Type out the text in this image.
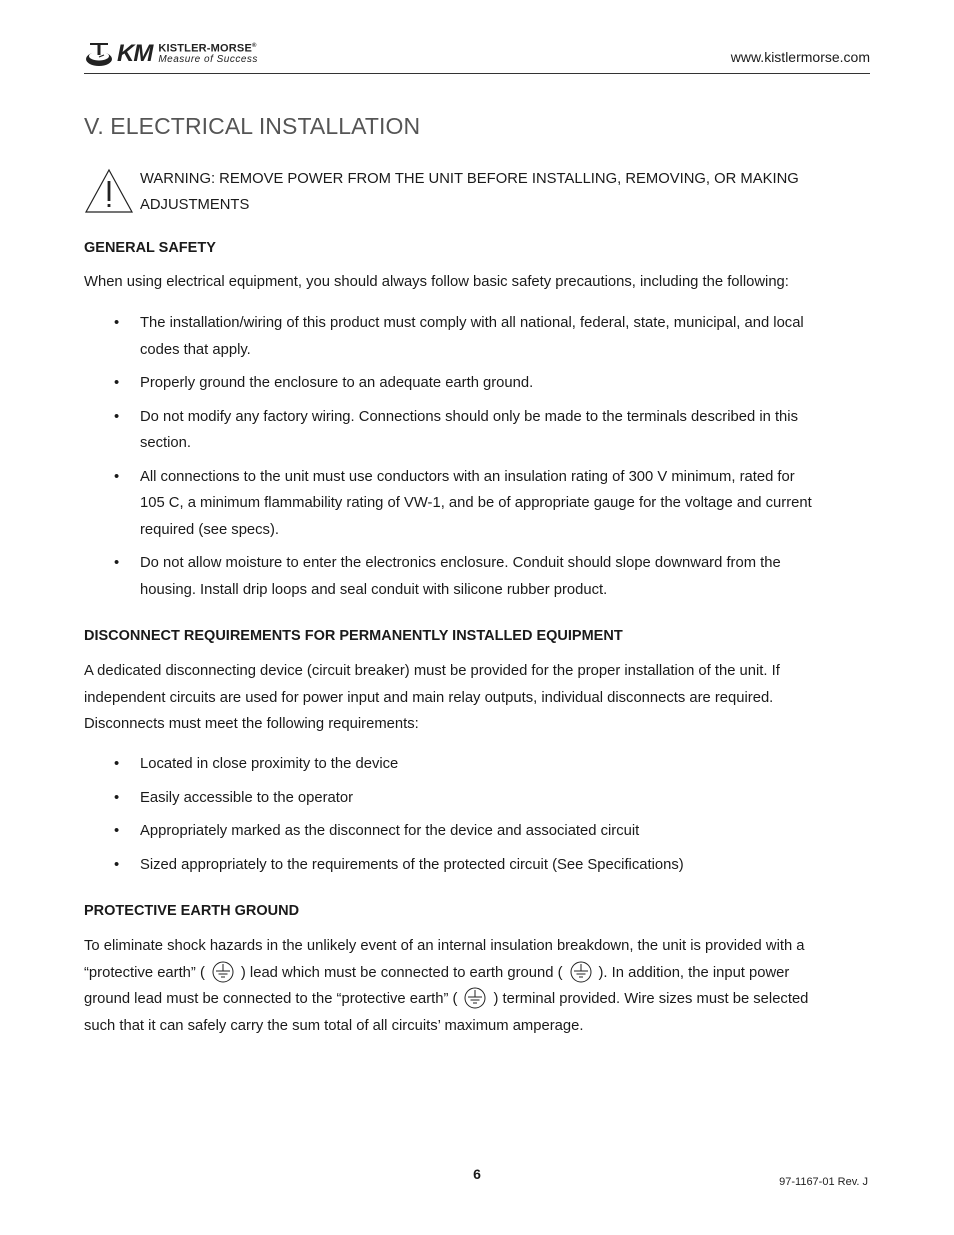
KM KISTLER-MORSE®
Measure of Success	www.kistlermorse.com
V. ELECTRICAL INSTALLATION
WARNING: REMOVE POWER FROM THE UNIT BEFORE INSTALLING, REMOVING, OR MAKING
ADJUSTMENTS

GENERAL SAFETY

When using electrical equipment, you should always follow basic safety precautions, including the following:

• The installation/wiring of this product must comply with all national, federal, state, municipal, and local
codes that apply.
• Properly ground the enclosure to an adequate earth ground.
• Do not modify any factory wiring. Connections should only be made to the terminals described in this
section.
• All connections to the unit must use conductors with an insulation rating of 300 V minimum, rated for
105 C, a minimum flammability rating of VW-1, and be of appropriate gauge for the voltage and current
required (see specs).
• Do not allow moisture to enter the electronics enclosure. Conduit should slope downward from the
housing. Install drip loops and seal conduit with silicone rubber product.

DISCONNECT REQUIREMENTS FOR PERMANENTLY INSTALLED EQUIPMENT

A dedicated disconnecting device (circuit breaker) must be provided for the proper installation of the unit. If

independent circuits are used for power input and main relay outputs, individual disconnects are required.

Disconnects must meet the following requirements:

• Located in close proximity to the device
• Easily accessible to the operator
• Appropriately marked as the disconnect for the device and associated circuit
• Sized appropriately to the requirements of the protected circuit (See Specifications)

PROTECTIVE EARTH GROUND

To eliminate shock hazards in the unlikely event of an internal insulation breakdown, the unit is provided with a

“protective earth” ( ) lead which must be connected to earth ground ( ). In addition, the input power

ground lead must be connected to the “protective earth” ( ) terminal provided. Wire sizes must be selected

such that it can safely carry the sum total of all circuits’ maximum amperage.

6	97-1167-01 Rev. J
